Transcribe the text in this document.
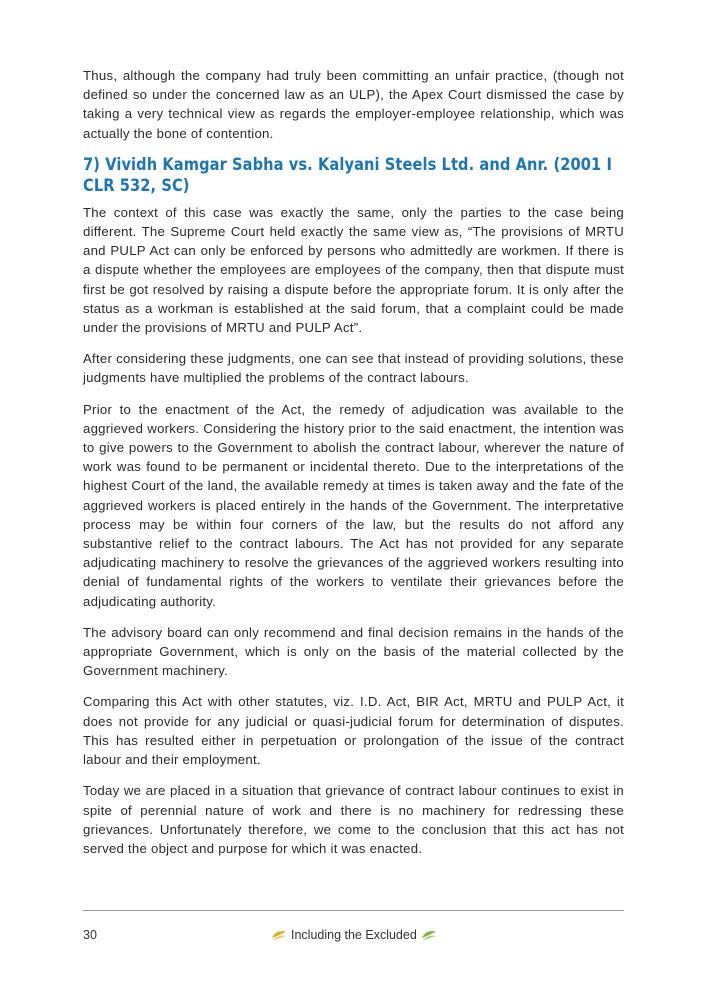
Thus, although the company had truly been committing an unfair practice, (though not defined so under the concerned law as an ULP), the Apex Court dismissed the case by taking a very technical view as regards the employer-employee relationship, which was actually the bone of contention.

7) Vividh Kamgar Sabha vs. Kalyani Steels Ltd. and Anr. (2001 I CLR 532, SC)

The context of this case was exactly the same, only the parties to the case being different. The Supreme Court held exactly the same view as, “The provisions of MRTU and PULP Act can only be enforced by persons who admittedly are workmen. If there is a dispute whether the employees are employees of the company, then that dispute must first be got resolved by raising a dispute before the appropriate forum. It is only after the status as a workman is established at the said forum, that a complaint could be made under the provisions of MRTU and PULP Act”.

After considering these judgments, one can see that instead of providing solutions, these judgments have multiplied the problems of the contract labours.

Prior to the enactment of the Act, the remedy of adjudication was available to the aggrieved workers. Considering the history prior to the said enactment, the intention was to give powers to the Government to abolish the contract labour, wherever the nature of work was found to be permanent or incidental thereto. Due to the interpretations of the highest Court of the land, the available remedy at times is taken away and the fate of the aggrieved workers is placed entirely in the hands of the Government. The interpretative process may be within four corners of the law, but the results do not afford any substantive relief to the contract labours. The Act has not provided for any separate adjudicating machinery to resolve the grievances of the aggrieved workers resulting into denial of fundamental rights of the workers to ventilate their grievances before the adjudicating authority.

The advisory board can only recommend and final decision remains in the hands of the appropriate Government, which is only on the basis of the material collected by the Government machinery.

Comparing this Act with other statutes, viz. I.D. Act, BIR Act, MRTU and PULP Act, it does not provide for any judicial or quasi-judicial forum for determination of disputes. This has resulted either in perpetuation or prolongation of the issue of the contract labour and their employment.

Today we are placed in a situation that grievance of contract labour continues to exist in spite of perennial nature of work and there is no machinery for redressing these grievances. Unfortunately therefore, we come to the conclusion that this act has not served the object and purpose for which it was enacted.

30	Including the Excluded
